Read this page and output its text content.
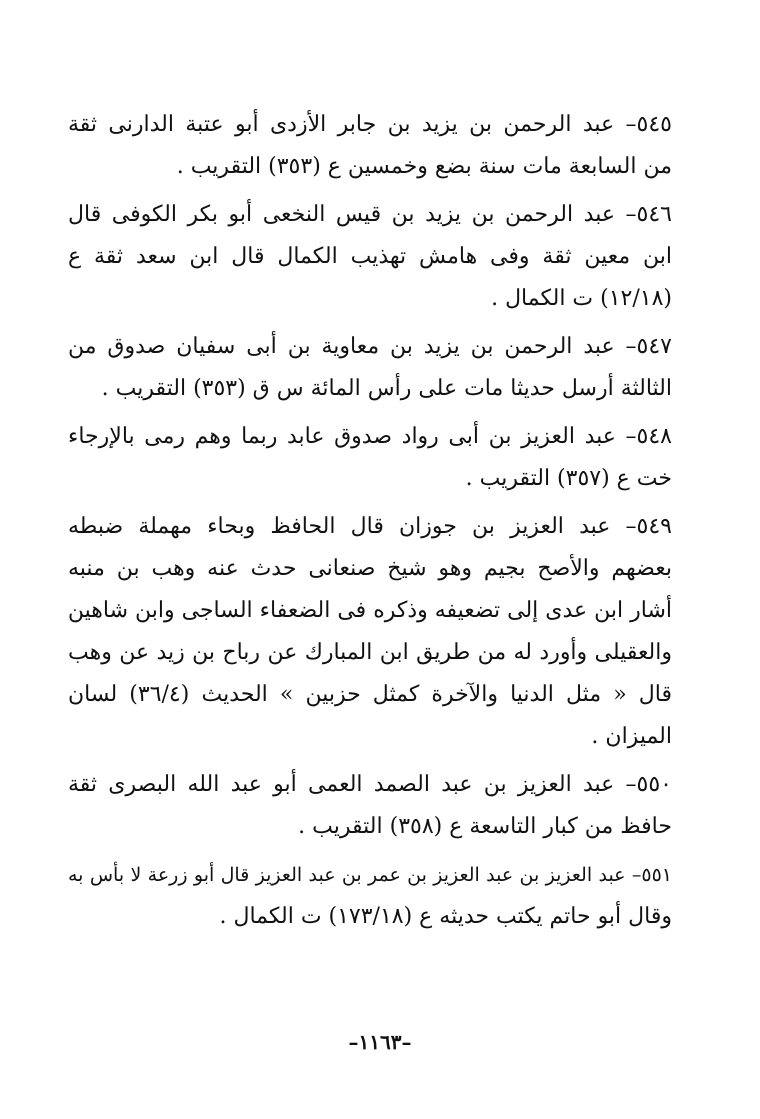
٥٤٥– عبد الرحمن بن يزيد بن جابر الأزدى أبو عتبة الدارنى ثقة
من السابعة مات سنة بضع وخمسين ع (٣٥٣) التقريب .
٥٤٦– عبد الرحمن بن يزيد بن قيس النخعى أبو بكر الكوفى قال
ابن معين ثقة وفى هامش تهذيب الكمال قال ابن سعد ثقة ع
(١٢/١٨) ت الكمال .
٥٤٧– عبد الرحمن بن يزيد بن معاوية بن أبى سفيان صدوق من
الثالثة أرسل حديثا مات على رأس المائة س ق (٣٥٣) التقريب .
٥٤٨– عبد العزيز بن أبى رواد صدوق عابد ربما وهم رمى بالإرجاء
خت ع (٣٥٧) التقريب .
٥٤٩– عبد العزيز بن جوزان قال الحافظ وبحاء مهملة ضبطه
بعضهم والأصح بجيم وهو شيخ صنعانى حدث عنه وهب بن منبه
أشار ابن عدى إلى تضعيفه وذكره فى الضعفاء الساجى وابن شاهين
والعقيلى وأورد له من طريق ابن المبارك عن رباح بن زيد عن وهب
قال « مثل الدنيا والآخرة كمثل حزبين » الحديث (٣٦/٤) لسان
الميزان .
٥٥٠– عبد العزيز بن عبد الصمد العمى أبو عبد الله البصرى ثقة
حافظ من كبار التاسعة ع (٣٥٨) التقريب .
٥٥١– عبد العزيز بن عبد العزيز بن عمر بن عبد العزيز قال أبو زرعة لا بأس به
وقال أبو حاتم يكتب حديثه ع (١٧٣/١٨) ت الكمال .
–١١٦٣–
